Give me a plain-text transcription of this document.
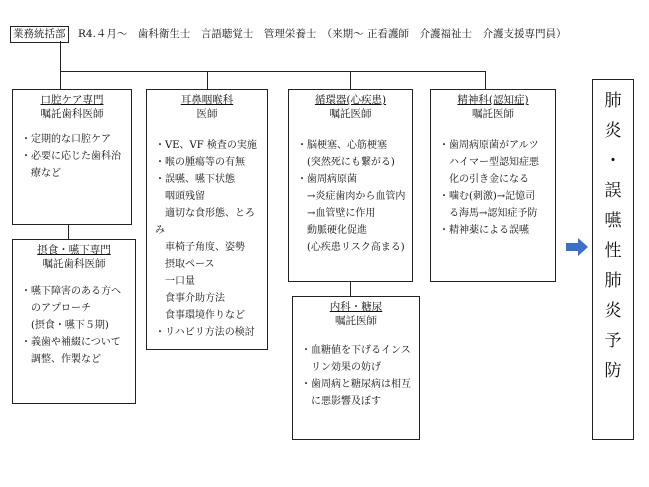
業務統括部 R4.４月～　歯科衛生士　言語聴覚士　管理栄養士　（来期～ 正看護師　介護福祉士　介護支援専門員）
口腔ケア専門
嘱託歯科医師
・定期的な口腔ケア
・必要に応じた歯科治
　療など
摂食・嚥下専門
嘱託歯科医師
・嚥下障害のある方へ
　のアプローチ
　(摂食・嚥下５期)
・義歯や補綴について
　調整、作製など
耳鼻咽喉科
医師
・VE、VF 検査の実施
・喉の腫瘍等の有無
・誤嚥、嚥下状態
　咽頭残留
　適切な食形態、とろみ
　車椅子角度、姿勢
　摂取ペース
　一口量
　食事介助方法
　食事環境作りなど
・リハビリ方法の検討
循環器(心疾患)
嘱託医師
・脳梗塞、心筋梗塞
　(突然死にも繋がる)
・歯周病原菌
　→炎症歯肉から血管内
　→血管壁に作用
　動脈硬化促進
　(心疾患リスク高まる)
内科・糖尿
嘱託医師
・血糖値を下げるインス
　リン効果の妨げ
・歯周病と糖尿病は相互
　に悪影響及ぼす
精神科(認知症)
嘱託医師
・歯周病原菌がアルツ
　ハイマー型認知症悪
　化の引き金になる
・噛む(刺激)→記憶司
　る海馬→認知症予防
・精神薬による誤嚥
肺
炎
・
誤
嚥
性
肺
炎
予
防
